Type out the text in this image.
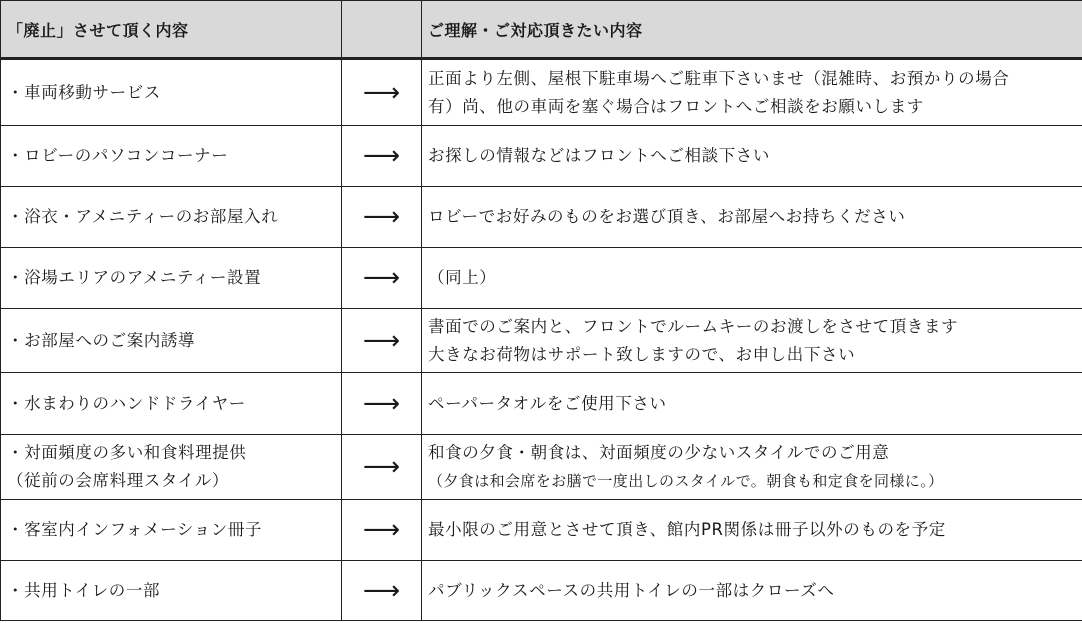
「廃止」させて頂く内容		ご理解・ご対応頂きたい内容

・車両移動サービス	⟶	正面より左側、屋根下駐車場へご駐車下さいませ（混雑時、お預かりの場合
有）尚、他の車両を塞ぐ場合はフロントへご相談をお願いします

・ロビーのパソコンコーナー	⟶	お探しの情報などはフロントへご相談下さい

・浴衣・アメニティーのお部屋入れ	⟶	ロビーでお好みのものをお選び頂き、お部屋へお持ちください

・浴場エリアのアメニティー設置	⟶	（同上）

・お部屋へのご案内誘導	⟶	書面でのご案内と、フロントでルームキーのお渡しをさせて頂きます
大きなお荷物はサポート致しますので、お申し出下さい

・水まわりのハンドドライヤー	⟶	ペーパータオルをご使用下さい

・対面頻度の多い和食料理提供
（従前の会席料理スタイル）	⟶	和食の夕食・朝食は、対面頻度の少ないスタイルでのご用意
（夕食は和会席をお膳で一度出しのスタイルで。朝食も和定食を同様に。）

・客室内インフォメーション冊子	⟶	最小限のご用意とさせて頂き、館内PR関係は冊子以外のものを予定

・共用トイレの一部	⟶	パブリックスペースの共用トイレの一部はクローズへ
